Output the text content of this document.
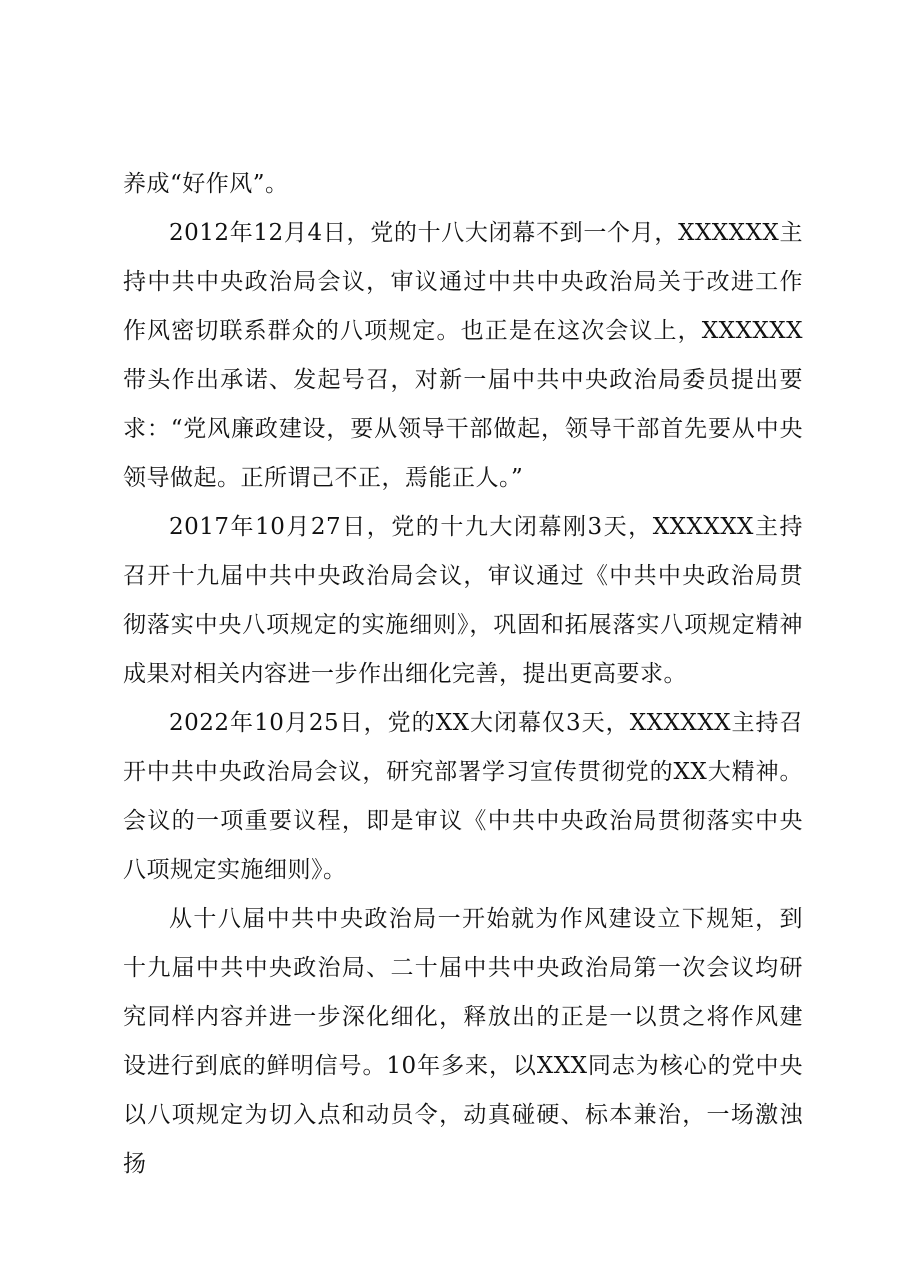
养成“好作风”。

2012年12月4日，党的十八大闭幕不到一个月，XXXXXX主持中共中央政治局会议，审议通过中共中央政治局关于改进工作作风密切联系群众的八项规定。也正是在这次会议上，XXXXXX带头作出承诺、发起号召，对新一届中共中央政治局委员提出要求：“党风廉政建设，要从领导干部做起，领导干部首先要从中央领导做起。正所谓己不正，焉能正人。”

2017年10月27日，党的十九大闭幕刚3天，XXXXXX主持召开十九届中共中央政治局会议，审议通过《中共中央政治局贯彻落实中央八项规定的实施细则》，巩固和拓展落实八项规定精神成果对相关内容进一步作出细化完善，提出更高要求。

2022年10月25日，党的XX大闭幕仅3天，XXXXXX主持召开中共中央政治局会议，研究部署学习宣传贯彻党的XX大精神。会议的一项重要议程，即是审议《中共中央政治局贯彻落实中央八项规定实施细则》。

从十八届中共中央政治局一开始就为作风建设立下规矩，到十九届中共中央政治局、二十届中共中央政治局第一次会议均研究同样内容并进一步深化细化，释放出的正是一以贯之将作风建设进行到底的鲜明信号。10年多来，以XXX同志为核心的党中央以八项规定为切入点和动员令，动真碰硬、标本兼治，一场激浊扬
